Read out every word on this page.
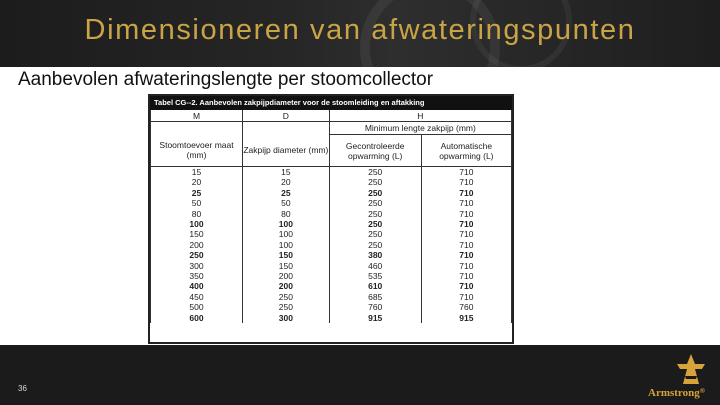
Dimensioneren van afwateringspunten
Aanbevolen afwateringslengte per stoomcollector
Tabel CG--2. Aanbevolen zakpijpdiameter voor de stoomleiding en aftakking
M	D	H	
		Minimum lengte zakpijp (mm)	
Stoomtoevoer maat (mm)	Zakpijp diameter (mm)	Gecontroleerde opwarming (L)	Automatische opwarming (L)
15	15	250	710
20	20	250	710
25	25	250	710
50	50	250	710
80	80	250	710
100	100	250	710
150	100	250	710
200	100	250	710
250	150	380	710
300	150	460	710
350	200	535	710
400	200	610	710
450	250	685	710
500	250	760	760
600	300	915	915
36	Armstrong®
